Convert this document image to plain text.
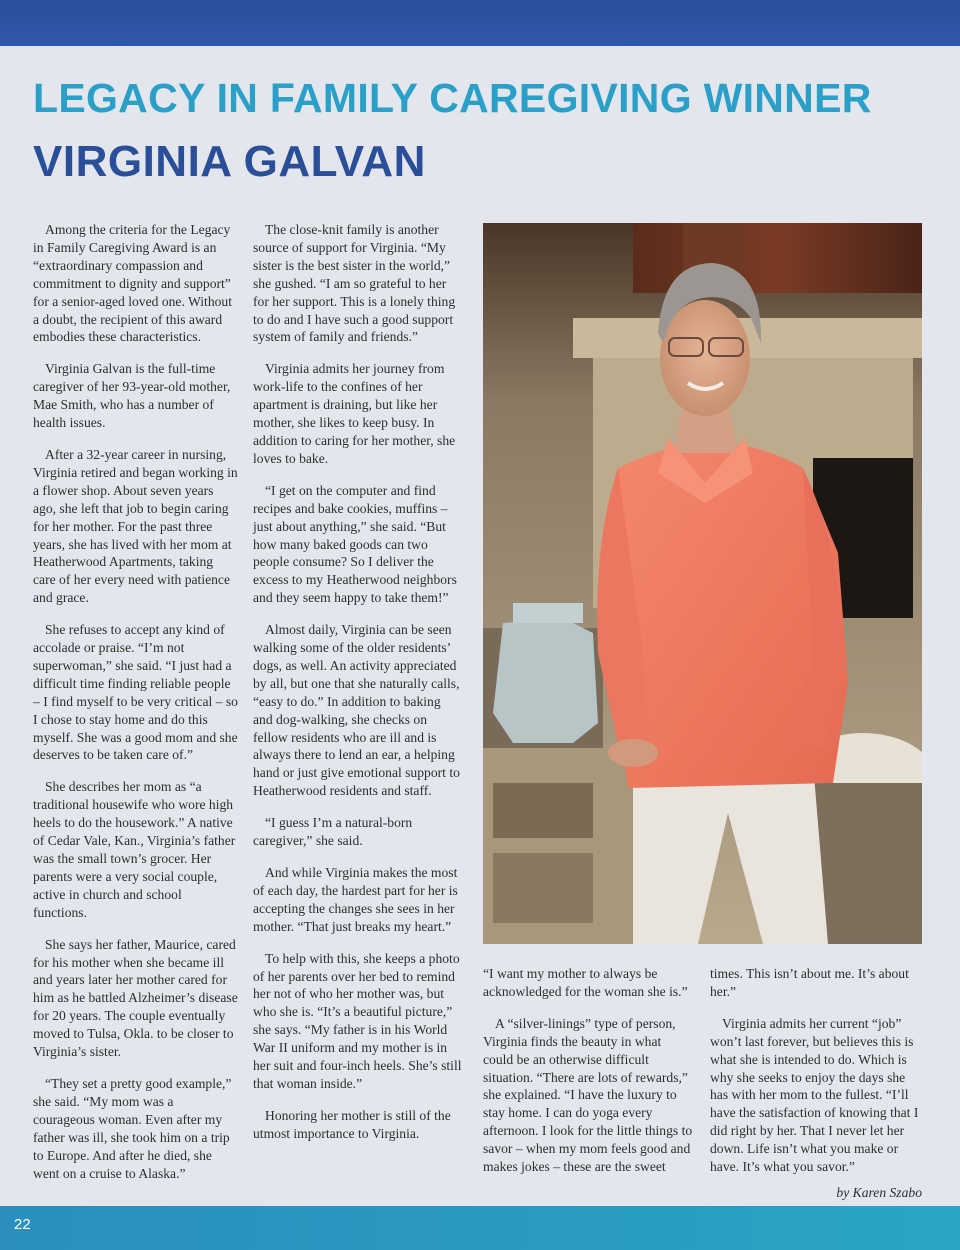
LEGACY IN FAMILY CAREGIVING WINNER
VIRGINIA GALVAN

Among the criteria for the Legacy in Family Caregiving Award is an “extraordinary compassion and commitment to dignity and support” for a senior-aged loved one. Without a doubt, the recipient of this award embodies these characteristics.

Virginia Galvan is the full-time caregiver of her 93-year-old mother, Mae Smith, who has a number of health issues.

After a 32-year career in nursing, Virginia retired and began working in a flower shop. About seven years ago, she left that job to begin caring for her mother. For the past three years, she has lived with her mom at Heatherwood Apartments, taking care of her every need with patience and grace.

She refuses to accept any kind of accolade or praise. “I’m not superwoman,” she said. “I just had a difficult time finding reliable people – I find myself to be very critical – so I chose to stay home and do this myself. She was a good mom and she deserves to be taken care of.”

She describes her mom as “a traditional housewife who wore high heels to do the housework.” A native of Cedar Vale, Kan., Virginia’s father was the small town’s grocer. Her parents were a very social couple, active in church and school functions.

She says her father, Maurice, cared for his mother when she became ill and years later her mother cared for him as he battled Alzheimer’s disease for 20 years. The couple eventually moved to Tulsa, Okla. to be closer to Virginia’s sister.

“They set a pretty good example,” she said. “My mom was a courageous woman. Even after my father was ill, she took him on a trip to Europe. And after he died, she went on a cruise to Alaska.”

The close-knit family is another source of support for Virginia. “My sister is the best sister in the world,” she gushed. “I am so grateful to her for her support. This is a lonely thing to do and I have such a good support system of family and friends.”

Virginia admits her journey from work-life to the confines of her apartment is draining, but like her mother, she likes to keep busy. In addition to caring for her mother, she loves to bake.

“I get on the computer and find recipes and bake cookies, muffins – just about anything,” she said. “But how many baked goods can two people consume? So I deliver the excess to my Heatherwood neighbors and they seem happy to take them!”

Almost daily, Virginia can be seen walking some of the older residents’ dogs, as well. An activity appreciated by all, but one that she naturally calls, “easy to do.” In addition to baking and dog-walking, she checks on fellow residents who are ill and is always there to lend an ear, a helping hand or just give emotional support to Heatherwood residents and staff.

“I guess I’m a natural-born caregiver,” she said.

And while Virginia makes the most of each day, the hardest part for her is accepting the changes she sees in her mother. “That just breaks my heart.”

To help with this, she keeps a photo of her parents over her bed to remind her not of who her mother was, but who she is. “It’s a beautiful picture,” she says. “My father is in his World War II uniform and my mother is in her suit and four-inch heels. She’s still that woman inside.”

Honoring her mother is still of the utmost importance to Virginia.

“I want my mother to always be acknowledged for the woman she is.”

A “silver-linings” type of person, Virginia finds the beauty in what could be an otherwise difficult situation. “There are lots of rewards,” she explained. “I have the luxury to stay home. I can do yoga every afternoon. I look for the little things to savor – when my mom feels good and makes jokes – these are the sweet

times. This isn’t about me. It’s about her.”

Virginia admits her current “job” won’t last forever, but believes this is what she is intended to do. Which is why she seeks to enjoy the days she has with her mom to the fullest. “I’ll have the satisfaction of knowing that I did right by her. That I never let her down. Life isn’t what you make or have. It’s what you savor.”

by Karen Szabo

22
